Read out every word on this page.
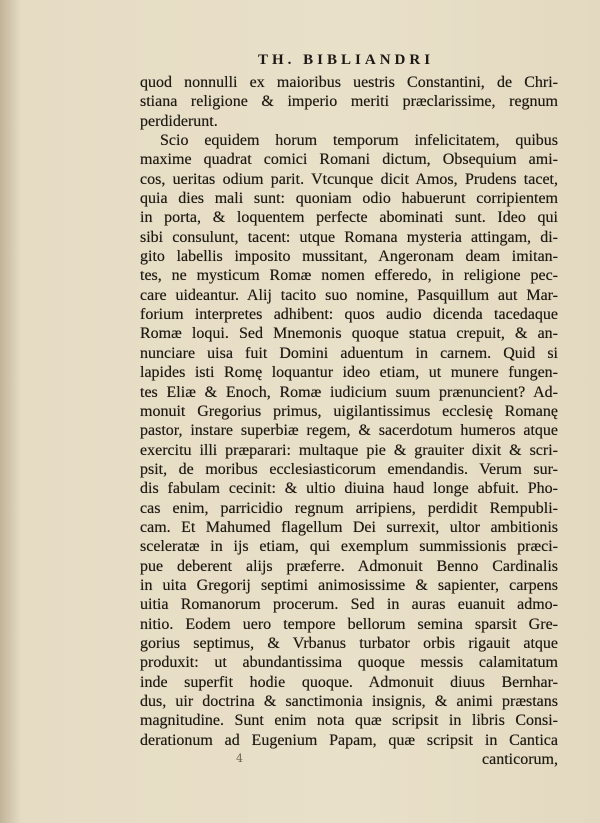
TH. BIBLIANDRI
quod nonnulli ex maioribus uestris Constantini, de Chri-
stiana religione & imperio meriti præclarissime, regnum
perdiderunt.
Scio equidem horum temporum infelicitatem, quibus
maxime quadrat comici Romani dictum, Obsequium ami-
cos, ueritas odium parit. Vtcunque dicit Amos, Prudens tacet,
quia dies mali sunt: quoniam odio habuerunt corripientem
in porta, & loquentem perfecte abominati sunt. Ideo qui
sibi consulunt, tacent: utque Romana mysteria attingam, di-
gito labellis imposito mussitant, Angeronam deam imitan-
tes, ne mysticum Romæ nomen efferedo, in religione pec-
care uideantur. Alij tacito suo nomine, Pasquillum aut Mar-
forium interpretes adhibent: quos audio dicenda tacedaque
Romæ loqui. Sed Mnemonis quoque statua crepuit, & an-
nunciare uisa fuit Domini aduentum in carnem. Quid si
lapides isti Romę loquantur ideo etiam, ut munere fungen-
tes Eliæ & Enoch, Romæ iudicium suum prænuncient? Ad-
monuit Gregorius primus, uigilantissimus ecclesię Romanę
pastor, instare superbiæ regem, & sacerdotum humeros atque
exercitu illi præparari: multaque pie & grauiter dixit & scri-
psit, de moribus ecclesiasticorum emendandis. Verum sur-
dis fabulam cecinit: & ultio diuina haud longe abfuit. Pho-
cas enim, parricidio regnum arripiens, perdidit Rempubli-
cam. Et Mahumed flagellum Dei surrexit, ultor ambitionis
sceleratæ in ijs etiam, qui exemplum summissionis præci-
pue deberent alijs præferre. Admonuit Benno Cardinalis
in uita Gregorij septimi animosissime & sapienter, carpens
uitia Romanorum procerum. Sed in auras euanuit admo-
nitio. Eodem uero tempore bellorum semina sparsit Gre-
gorius septimus, & Vrbanus turbator orbis rigauit atque
produxit: ut abundantissima quoque messis calamitatum
inde superfit hodie quoque. Admonuit diuus Bernhar-
dus, uir doctrina & sanctimonia insignis, & animi præstans
magnitudine. Sunt enim nota quæ scripsit in libris Consi-
derationum ad Eugenium Papam, quæ scripsit in Cantica
canticorum,
4
